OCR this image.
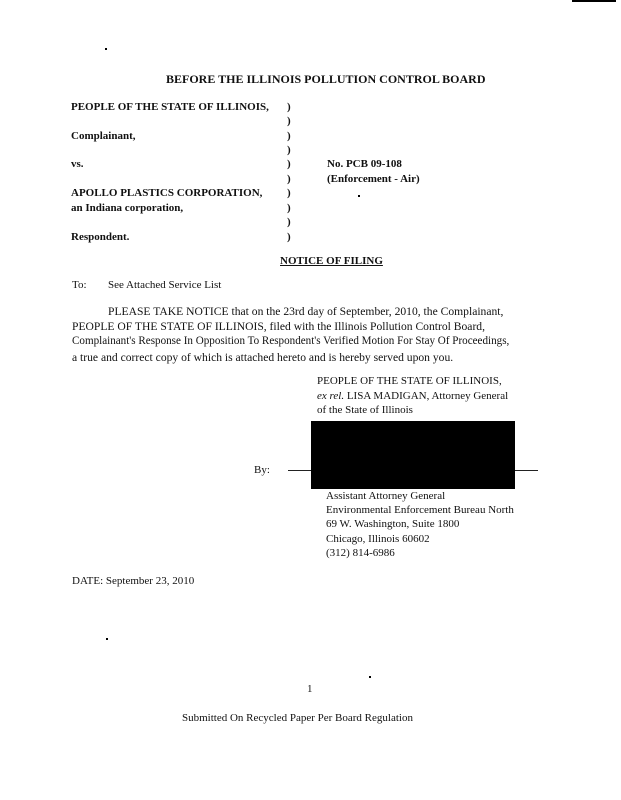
BEFORE THE ILLINOIS POLLUTION CONTROL BOARD
PEOPLE OF THE STATE OF ILLINOIS,
Complainant,
vs.
APOLLO PLASTICS CORPORATION,
an Indiana corporation,
Respondent.
)
)
)
)
)
)
)
)
)
)
No. PCB 09-108
(Enforcement - Air)
NOTICE OF FILING
To: See Attached Service List
PLEASE TAKE NOTICE that on the 23rd day of September, 2010, the Complainant,
PEOPLE OF THE STATE OF ILLINOIS, filed with the Illinois Pollution Control Board,
Complainant's Response In Opposition To Respondent's Verified Motion For Stay Of Proceedings,
a true and correct copy of which is attached hereto and is hereby served upon you.
PEOPLE OF THE STATE OF ILLINOIS,
ex rel. LISA MADIGAN, Attorney General
of the State of Illinois
By:
Assistant Attorney General
Environmental Enforcement Bureau North
69 W. Washington, Suite 1800
Chicago, Illinois 60602
(312) 814-6986
DATE: September 23, 2010
1
Submitted On Recycled Paper Per Board Regulation
